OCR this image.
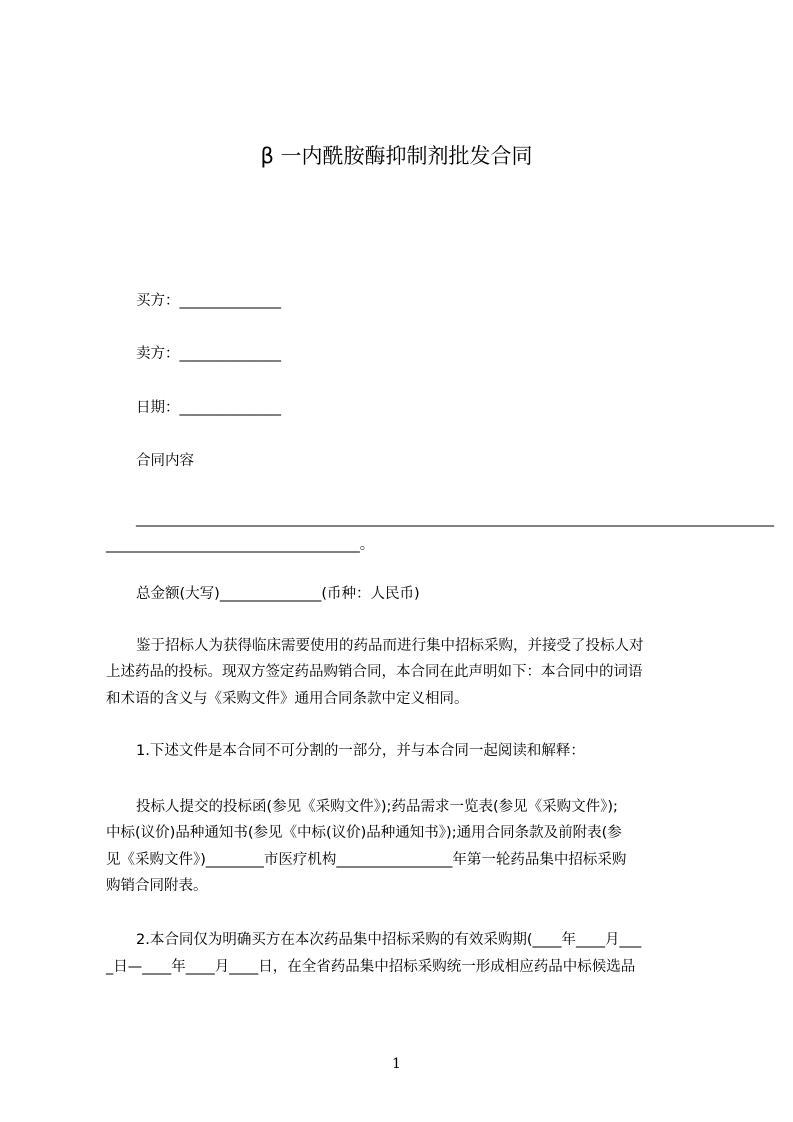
β 一内酰胺酶抑制剂批发合同
买方：______________
卖方：______________
日期：______________
合同内容
________________________________________________________________________________________
___________________________________。
总金额(大写)______________(币种：人民币)
鉴于招标人为获得临床需要使用的药品而进行集中招标采购，并接受了投标人对
上述药品的投标。现双方签定药品购销合同，本合同在此声明如下：本合同中的词语
和术语的含义与《采购文件》通用合同条款中定义相同。
1.下述文件是本合同不可分割的一部分，并与本合同一起阅读和解释：
投标人提交的投标函(参见《采购文件》);药品需求一览表(参见《采购文件》);
中标(议价)品种通知书(参见《中标(议价)品种通知书》);通用合同条款及前附表(参
见《采购文件》)________市医疗机构________________年第一轮药品集中招标采购
购销合同附表。
2.本合同仅为明确买方在本次药品集中招标采购的有效采购期(____年____月___
_日—____年____月____日，在全省药品集中招标采购统一形成相应药品中标候选品
1
